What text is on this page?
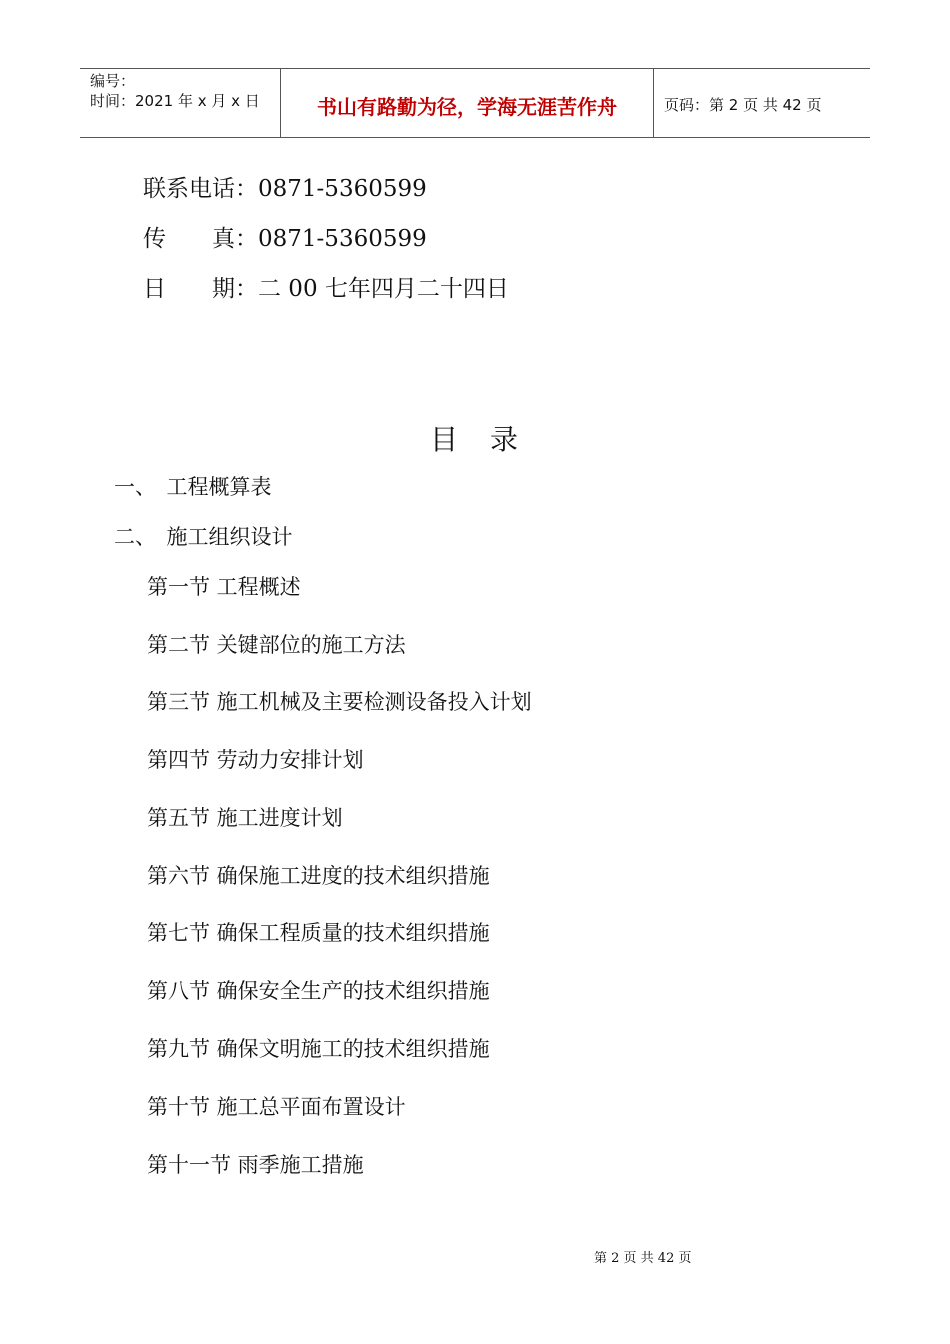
编号：
时间：2021 年 x 月 x 日	书山有路勤为径，学海无涯苦作舟	页码：第 2 页 共 42 页
联系电话：0871-5360599
传　　真：0871-5360599
日　　期：二 00 七年四月二十四日
目　录
一、　工程概算表
二、　施工组织设计
第一节 工程概述
第二节 关键部位的施工方法
第三节 施工机械及主要检测设备投入计划
第四节 劳动力安排计划
第五节 施工进度计划
第六节 确保施工进度的技术组织措施
第七节 确保工程质量的技术组织措施
第八节 确保安全生产的技术组织措施
第九节 确保文明施工的技术组织措施
第十节 施工总平面布置设计
第十一节 雨季施工措施
第 2 页 共 42 页
